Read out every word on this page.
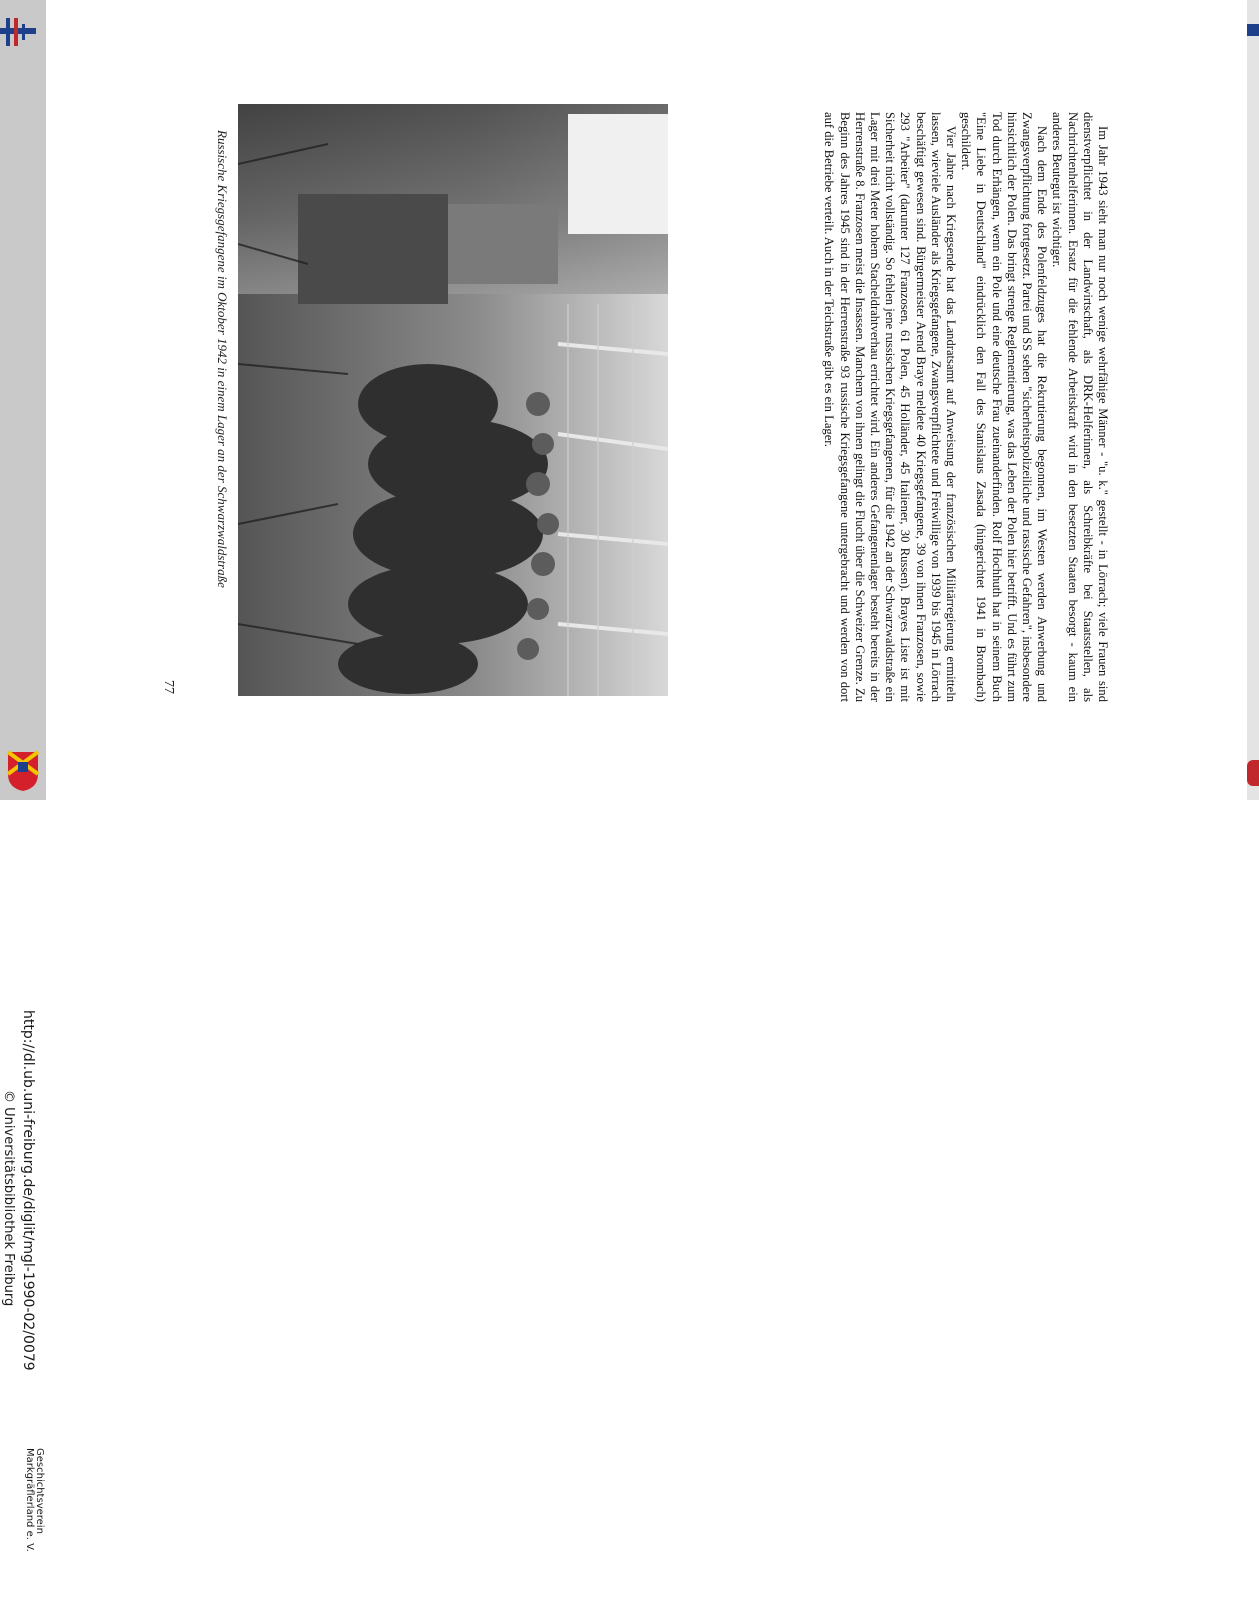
http://dl.ub.uni-freiburg.de/diglit/mgl-1990-02/0079
© Universitätsbibliothek Freiburg
Geschichtsverein
Markgräflerland e. V.
Russische Kriegsgefangene im Oktober 1942 in einem Lager an der Schwarzwaldstraße
77	Im Jahr 1943 sieht man nur noch wenige wehrfähige Männer - "u. k." gestellt - in Lörrach; viele Frauen sind dienstverpflichtet in der Landwirtschaft, als DRK-Helferinnen, als Schreibkräfte bei Staatsstellen, als Nachrichtenhelferinnen. Ersatz für die fehlende Arbeitskraft wird in den besetzten Staaten besorgt - kaum ein anderes Beutegut ist wichtiger.

Nach dem Ende des Polenfeldzuges hat die Rekrutierung begonnen, im Westen werden Anwerbung und Zwangsverpflichtung fortgesetzt. Partei und SS sehen "sicherheitspolizeiliche und rassische Gefahren", insbesondere hinsichtlich der Polen. Das bringt strenge Reglementierung, was das Leben der Polen hier betrifft. Und es führt zum Tod durch Erhängen, wenn ein Pole und eine deutsche Frau zueinanderfinden. Rolf Hochhuth hat in seinem Buch "Eine Liebe in Deutschland" eindrücklich den Fall des Stanislaus Zasada (hingerichtet 1941 in Brombach) geschildert.

Vier Jahre nach Kriegsende hat das Landratsamt auf Anweisung der französischen Militärregierung ermitteln lassen, wieviele Ausländer als Kriegsgefangene, Zwangsverpflichtete und Freiwillige von 1939 bis 1945 in Lörrach beschäftigt gewesen sind. Bürgermeister Arend Braye meldete 40 Kriegsgefangene, 39 von ihnen Franzosen, sowie 293 "Arbeiter" (darunter 127 Franzosen, 61 Polen, 45 Holländer, 45 Italiener, 30 Russen). Brayes Liste ist mit Sicherheit nicht vollständig. So fehlen jene russischen Kriegsgefangenen, für die 1942 an der Schwarzwaldstraße ein Lager mit drei Meter hohem Stacheldrahtverhau errichtet wird. Ein anderes Gefangenenlager besteht bereits in der Herrenstraße 8. Franzosen meist die Insassen. Manchem von ihnen gelingt die Flucht über die Schweizer Grenze. Zu Beginn des Jahres 1945 sind in der Herrenstraße 93 russische Kriegsgefangene untergebracht und werden von dort auf die Betriebe verteilt. Auch in der Teichstraße gibt es ein Lager.
